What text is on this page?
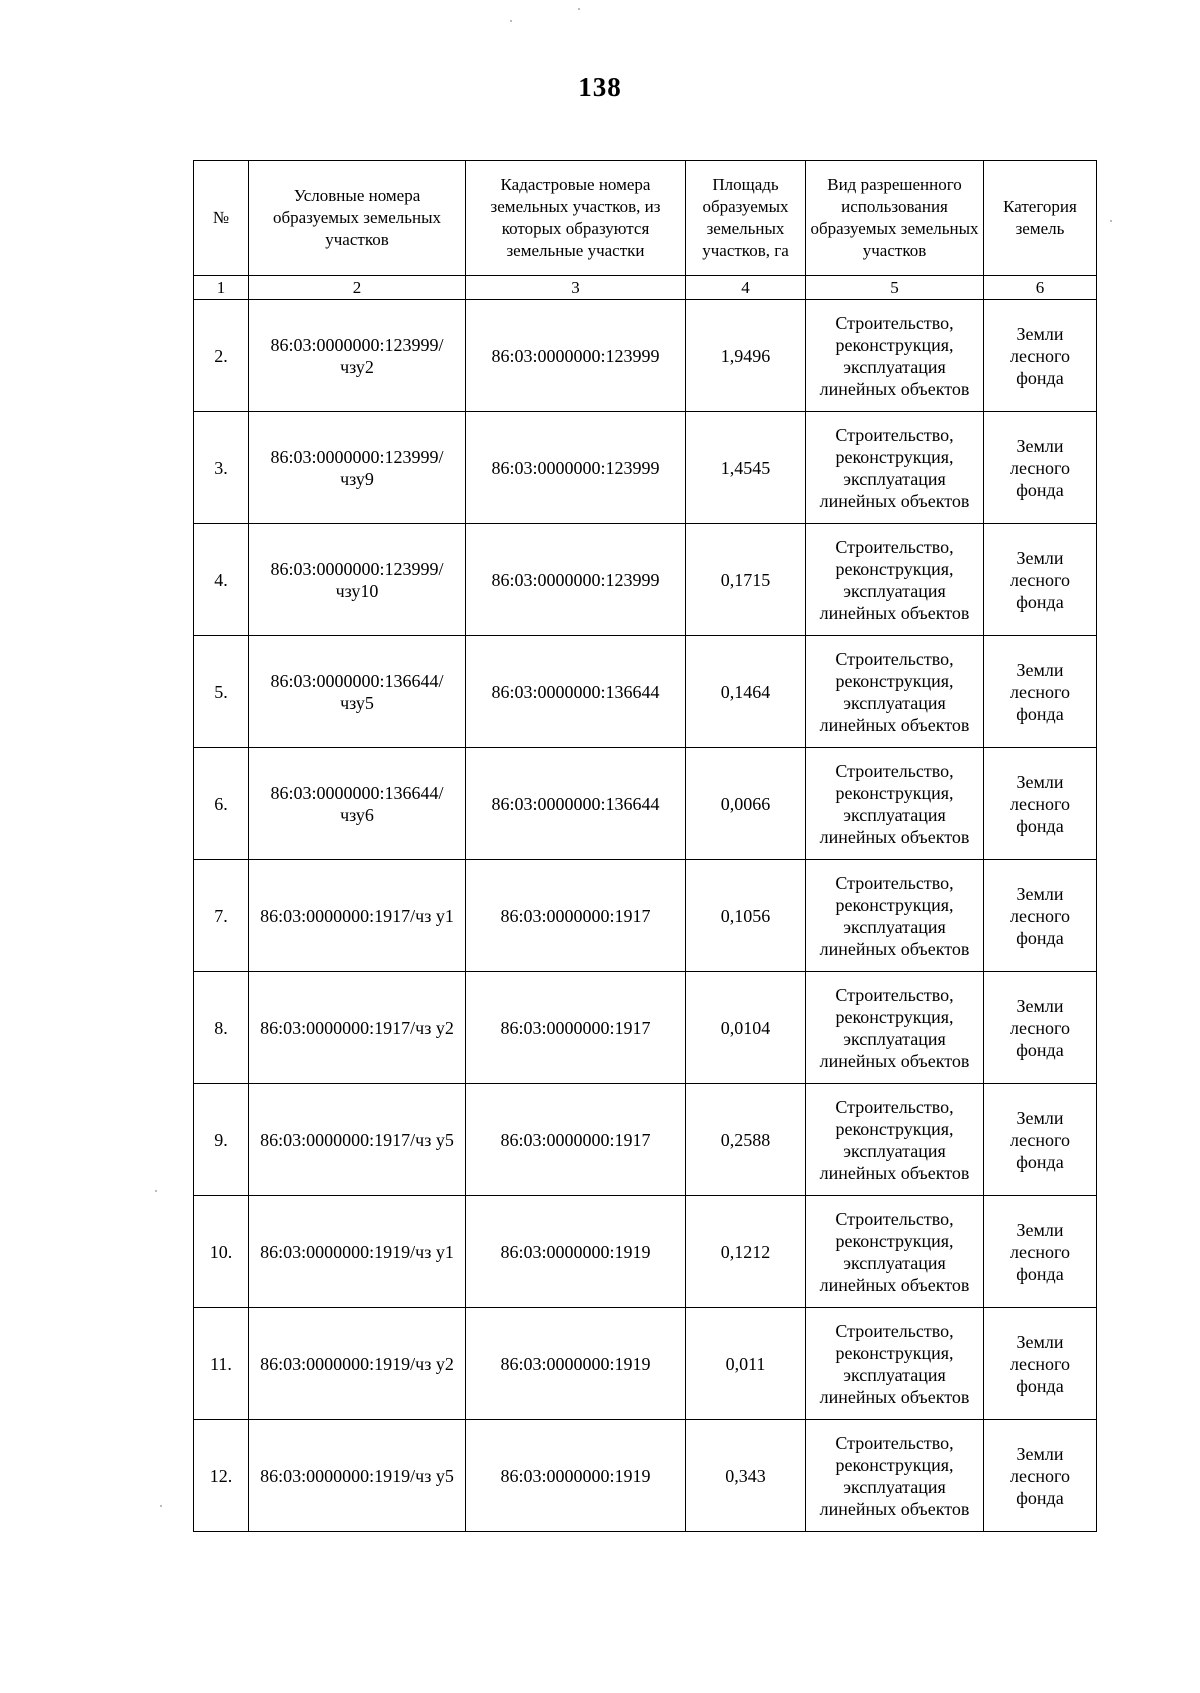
138
№	Условные номера образуемых земельных участков	Кадастровые номера земельных участков, из которых образуются земельные участки	Площадь образуемых земельных участков, га	Вид разрешенного использования образуемых земельных участков	Категория земель
1	2	3	4	5	6
2.	86:03:0000000:123999/ чзу2	86:03:0000000:123999	1,9496	Строительство, реконструкция, эксплуатация линейных объектов	Земли лесного фонда
3.	86:03:0000000:123999/ чзу9	86:03:0000000:123999	1,4545	Строительство, реконструкция, эксплуатация линейных объектов	Земли лесного фонда
4.	86:03:0000000:123999/ чзу10	86:03:0000000:123999	0,1715	Строительство, реконструкция, эксплуатация линейных объектов	Земли лесного фонда
5.	86:03:0000000:136644/ чзу5	86:03:0000000:136644	0,1464	Строительство, реконструкция, эксплуатация линейных объектов	Земли лесного фонда
6.	86:03:0000000:136644/ чзу6	86:03:0000000:136644	0,0066	Строительство, реконструкция, эксплуатация линейных объектов	Земли лесного фонда
7.	86:03:0000000:1917/чз у1	86:03:0000000:1917	0,1056	Строительство, реконструкция, эксплуатация линейных объектов	Земли лесного фонда
8.	86:03:0000000:1917/чз у2	86:03:0000000:1917	0,0104	Строительство, реконструкция, эксплуатация линейных объектов	Земли лесного фонда
9.	86:03:0000000:1917/чз у5	86:03:0000000:1917	0,2588	Строительство, реконструкция, эксплуатация линейных объектов	Земли лесного фонда
10.	86:03:0000000:1919/чз у1	86:03:0000000:1919	0,1212	Строительство, реконструкция, эксплуатация линейных объектов	Земли лесного фонда
11.	86:03:0000000:1919/чз у2	86:03:0000000:1919	0,011	Строительство, реконструкция, эксплуатация линейных объектов	Земли лесного фонда
12.	86:03:0000000:1919/чз у5	86:03:0000000:1919	0,343	Строительство, реконструкция, эксплуатация линейных объектов	Земли лесного фонда
